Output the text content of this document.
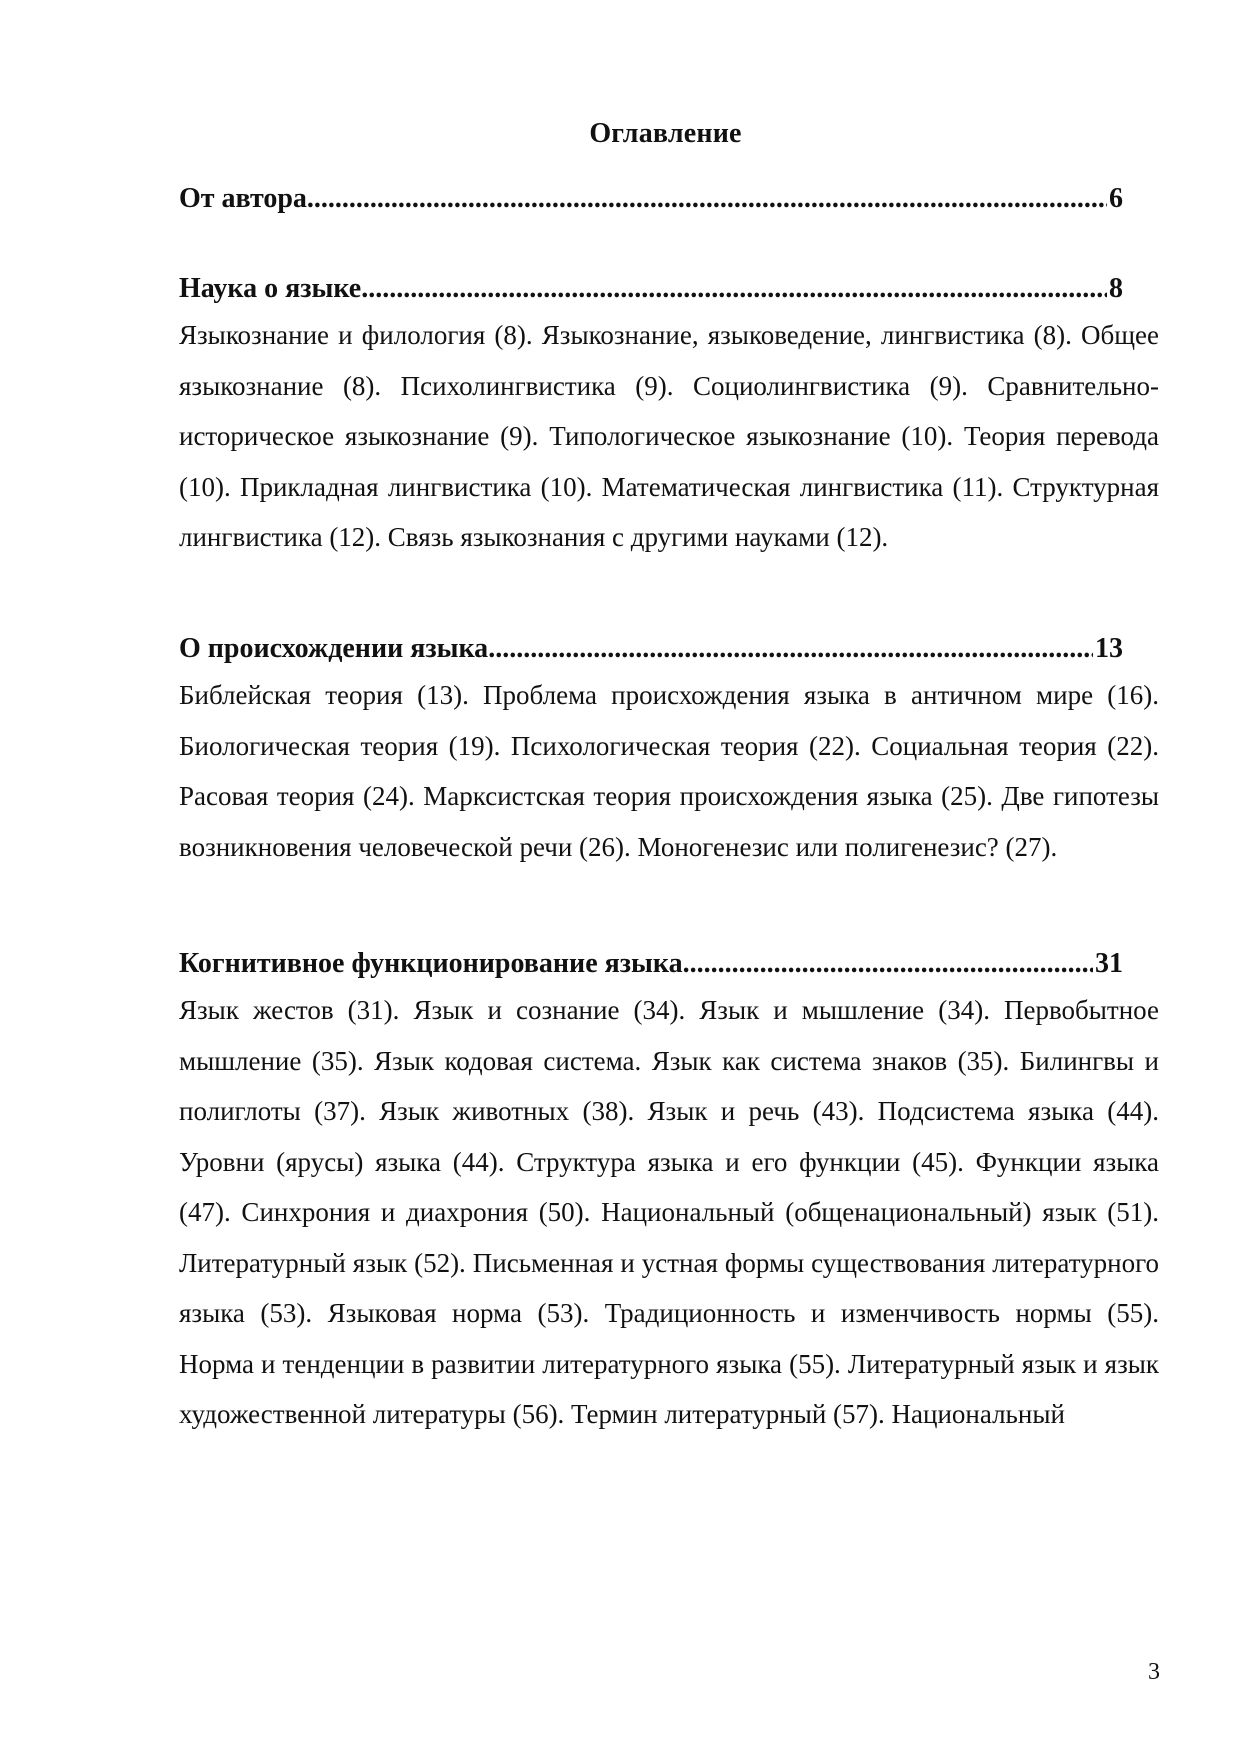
Оглавление
От автора .....	6
Наука о языке .....	8

Языкознание и филология (8). Языкознание, языковедение, лингвистика (8). Общее языкознание (8). Психолингвистика (9). Социолингвистика (9). Сравнительно-историческое языкознание (9). Типологическое языкознание (10). Теория перевода (10). Прикладная лингвистика (10). Математическая лингвистика (11). Структурная лингвистика (12). Связь языкознания с другими науками (12).

О происхождении языка .....	13

Библейская теория (13). Проблема происхождения языка в античном мире (16). Биологическая теория (19). Психологическая теория (22). Социальная теория (22). Расовая теория (24). Марксистская теория происхождения языка (25). Две гипотезы возникновения человеческой речи (26). Моногенезис или полигенезис? (27).

Когнитивное функционирование языка .....	31

Язык жестов (31). Язык и сознание (34). Язык и мышление (34). Первобытное мышление (35). Язык кодовая система. Язык как система знаков (35). Билингвы и полиглоты (37). Язык животных (38). Язык и речь (43). Подсистема языка (44). Уровни (ярусы) языка (44). Структура языка и его функции (45). Функции языка (47). Синхрония и диахрония (50). Национальный (общенациональный) язык (51). Литературный язык (52). Письменная и устная формы существования литературного языка (53). Языковая норма (53). Традиционность и изменчивость нормы (55). Норма и тенденции в развитии литературного языка (55). Литературный язык и язык художественной литературы (56). Термин литературный (57). Национальный

3
